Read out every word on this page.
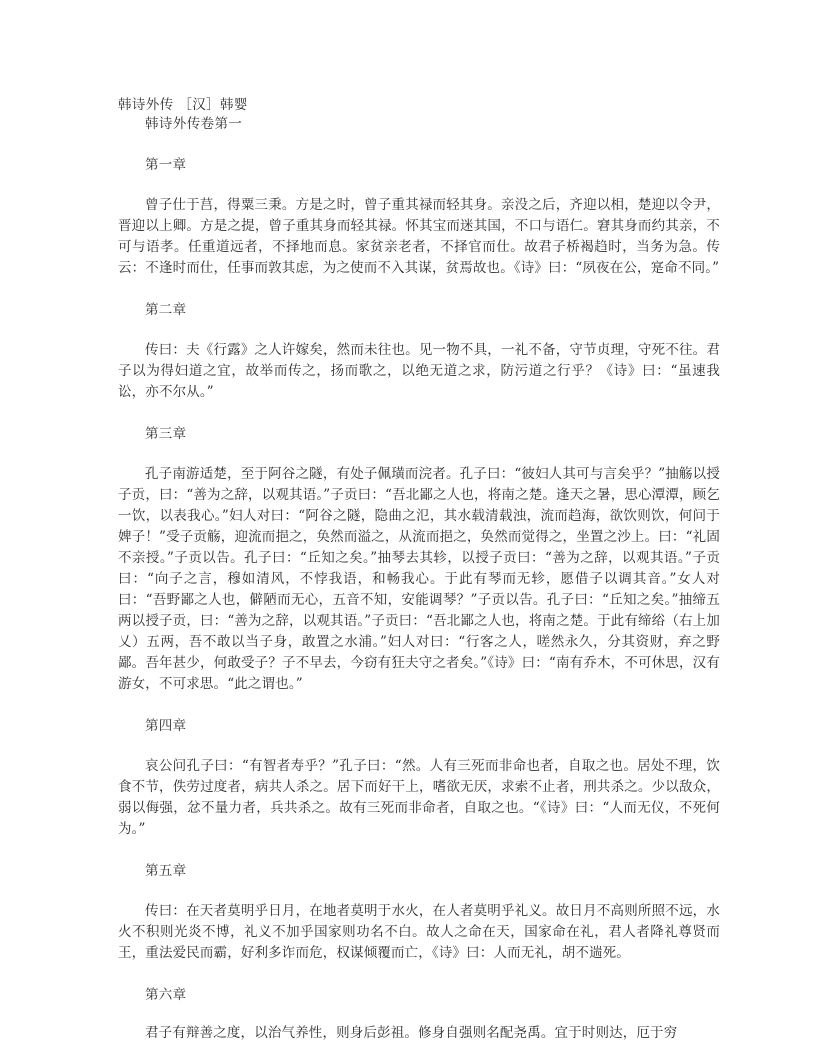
韩诗外传 ［汉］韩婴
韩诗外传卷第一
第一章

曾子仕于莒，得粟三秉。方是之时，曾子重其禄而轻其身。亲没之后，齐迎以相，楚迎以令尹，晋迎以上卿。方是之提，曾子重其身而轻其禄。怀其宝而迷其国，不口与语仁。窘其身而约其亲，不可与语孝。任重道远者，不择地而息。家贫亲老者，不择官而仕。故君子桥褐趋时，当务为急。传云：不逢时而仕，任事而敦其虑，为之使而不入其谋，贫焉故也。《诗》曰：“夙夜在公，寔命不同。”

第二章

传曰：夫《行露》之人许嫁矣，然而未往也。见一物不具，一礼不备，守节贞理，守死不往。君子以为得妇道之宜，故举而传之，扬而歌之，以绝无道之求，防污道之行乎？《诗》曰：“虽速我讼，亦不尔从。”

第三章

孔子南游适楚，至于阿谷之隧，有处子佩璜而浣者。孔子曰：“彼妇人其可与言矣乎？”抽觞以授子贡，曰：“善为之辞，以观其语。”子贡曰：“吾北鄙之人也，将南之楚。逢天之暑，思心潭潭，顾乞一饮，以表我心。”妇人对曰：“阿谷之隧，隐曲之氾，其水载清载浊，流而趋海，欲饮则饮，何问于婢子！”受子贡觞，迎流而挹之，奂然而溢之，从流而挹之，奂然而觉得之，坐置之沙上。曰：“礼固不亲授。”子贡以告。孔子曰：“丘知之矣。”抽琴去其轸，以授子贡曰：“善为之辞，以观其语。”子贡曰：“向子之言，穆如清风，不悖我语，和畅我心。于此有琴而无轸，愿借子以调其音。”女人对曰：“吾野鄙之人也，僻陋而无心，五音不知，安能调琴？”子贡以告。孔子曰：“丘知之矣。”抽缔五两以授子贡，曰：“善为之辞，以观其语。”子贡曰：“吾北鄙之人也，将南之楚。于此有缔绤（右上加乂）五两，吾不敢以当子身，敢置之水浦。”妇人对曰：“行客之人，嗟然永久，分其资财，弃之野鄙。吾年甚少，何敢受子？子不早去，今窃有狂夫守之者矣。”《诗》曰：“南有乔木，不可休思，汉有游女，不可求思。“此之谓也。”

第四章

哀公问孔子曰：“有智者寿乎？”孔子曰：“然。人有三死而非命也者，自取之也。居处不理，饮食不节，佚劳过度者，病共人杀之。居下而好干上，嗜欲无厌，求索不止者，刑共杀之。少以敌众，弱以侮强，忿不量力者，兵共杀之。故有三死而非命者，自取之也。“《诗》曰：“人而无仪，不死何为。”

第五章

传曰：在天者莫明乎日月，在地者莫明于水火，在人者莫明乎礼义。故日月不高则所照不远，水火不积则光炎不博，礼义不加乎国家则功名不白。故人之命在天，国家命在礼，君人者降礼尊贤而王，重法爱民而霸，好利多诈而危，权谋倾覆而亡，《诗》曰：人而无礼，胡不遄死。

第六章

君子有辩善之度，以治气养性，则身后彭祖。修身自强则名配尧禹。宜于时则达，厄于穷
